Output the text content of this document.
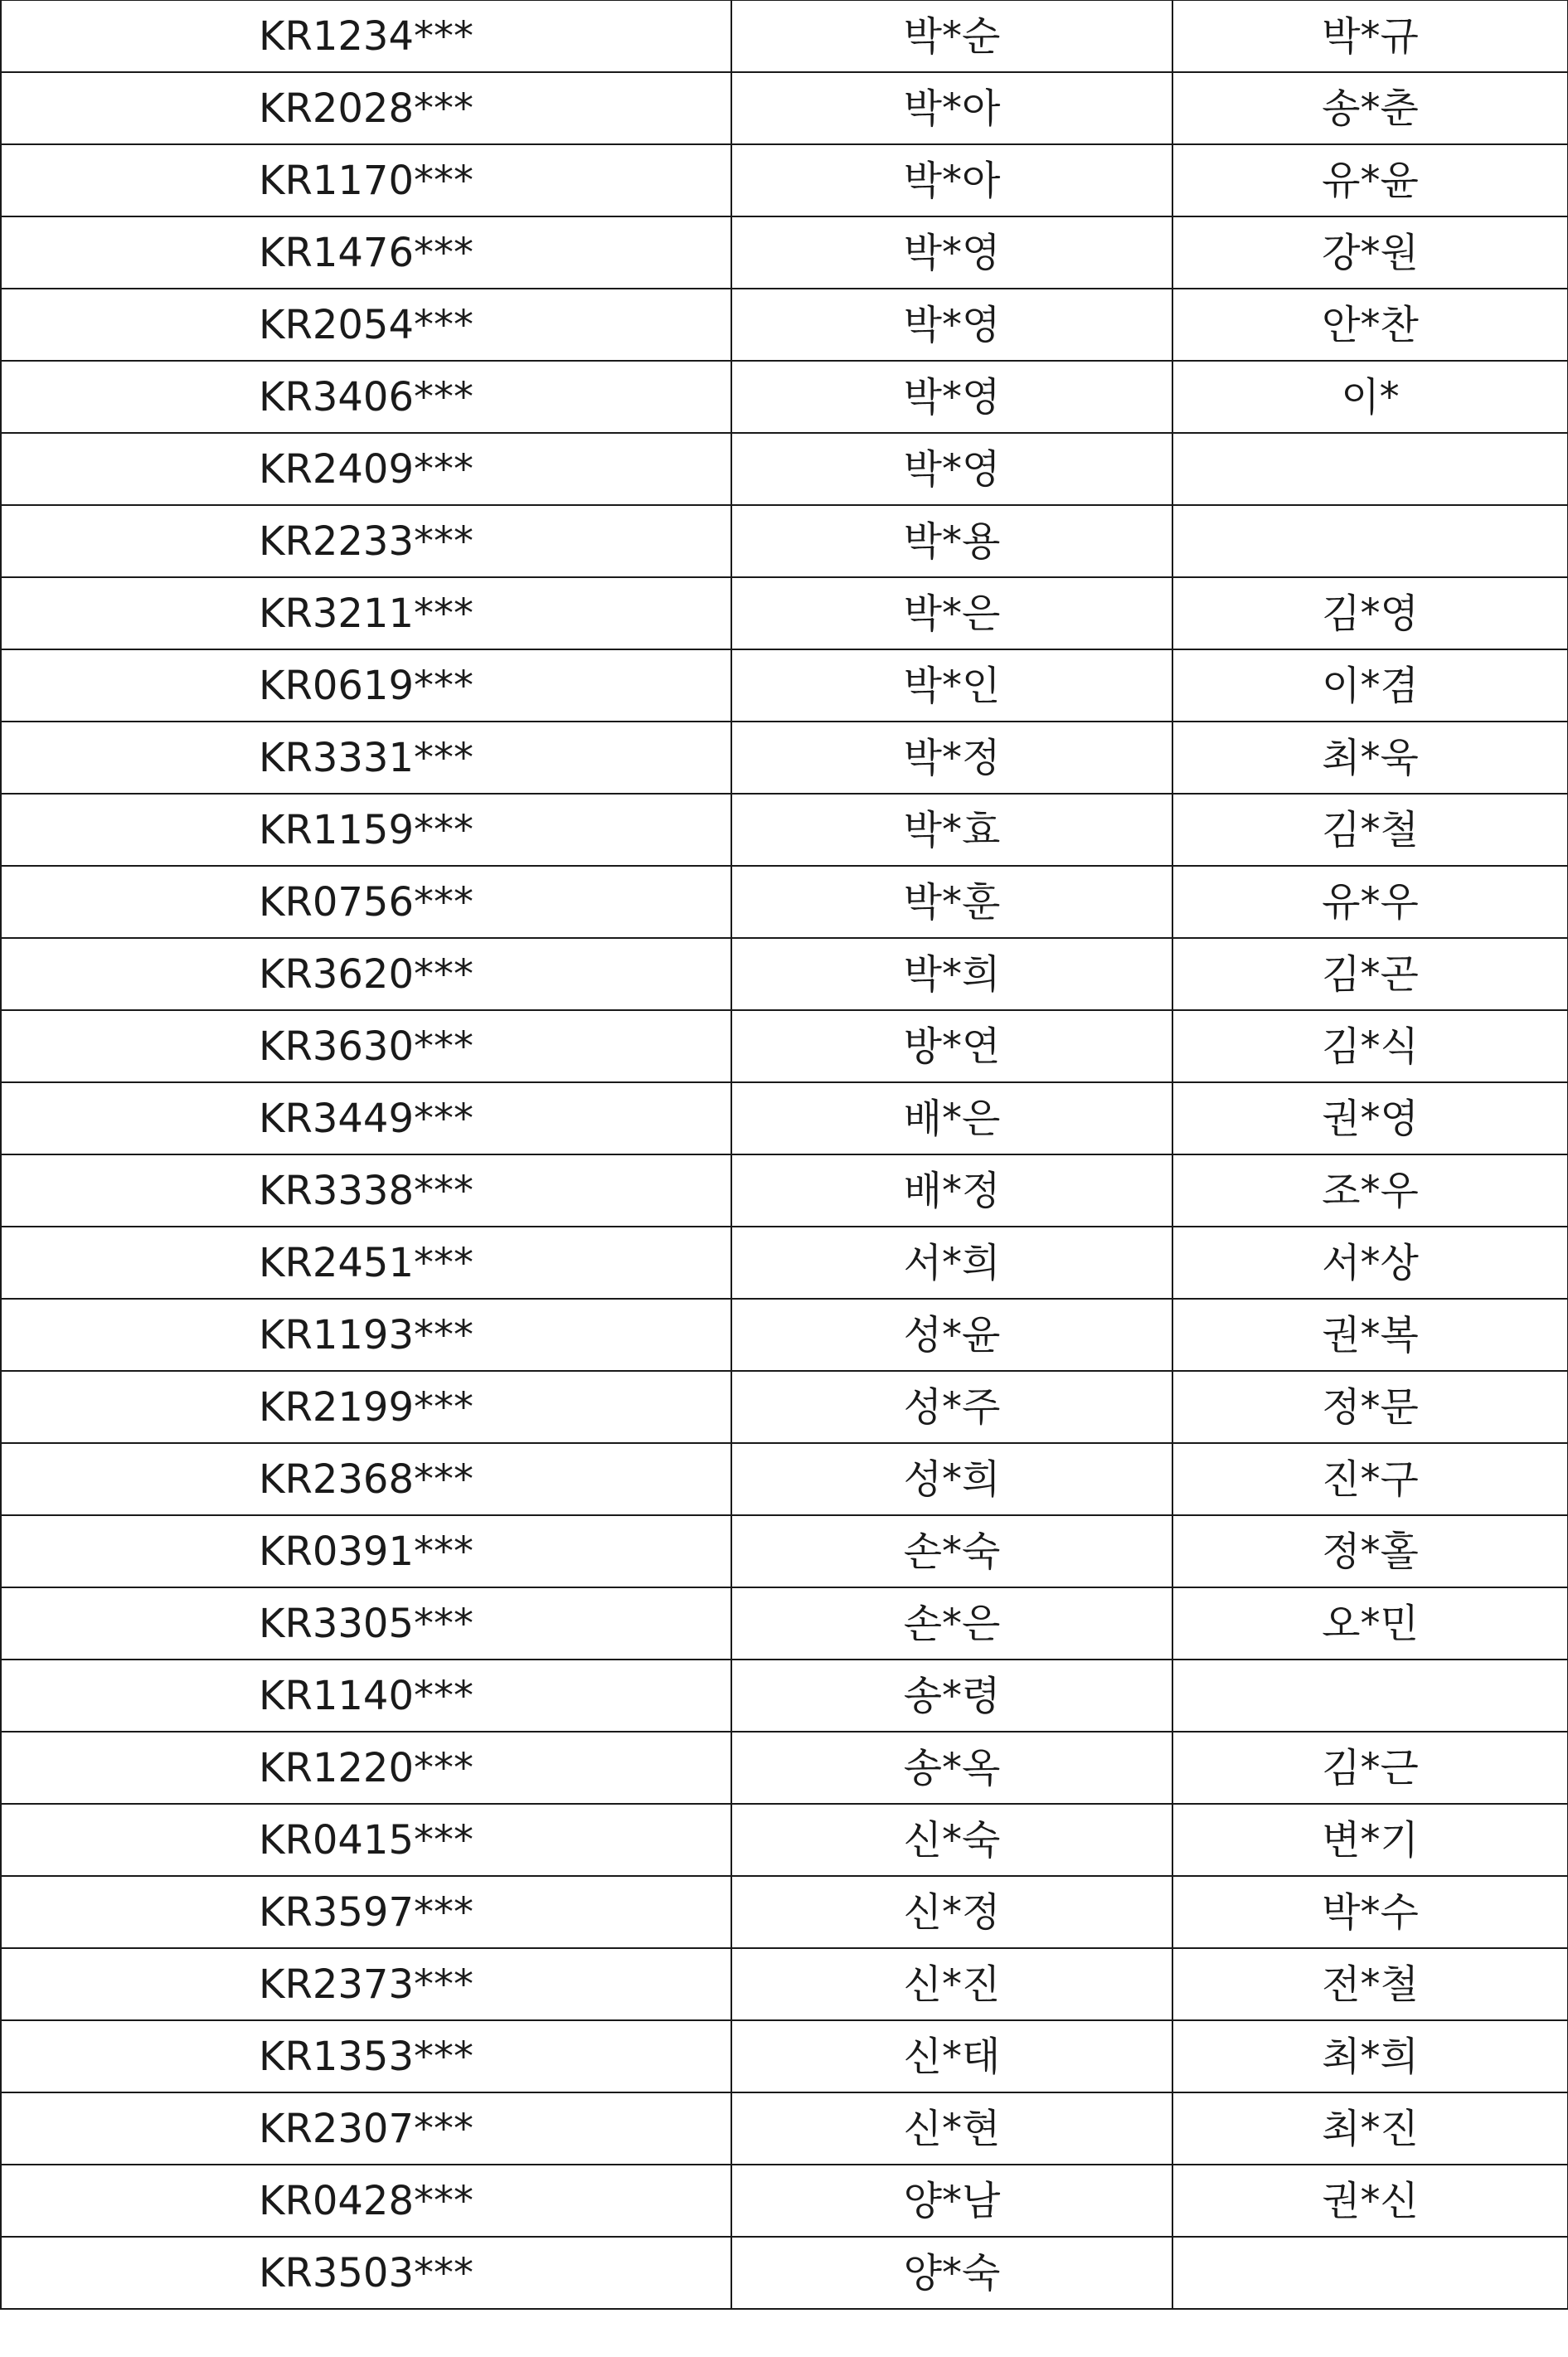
KR1234***	박*순	박*규
KR2028***	박*아	송*춘
KR1170***	박*아	유*윤
KR1476***	박*영	강*원
KR2054***	박*영	안*찬
KR3406***	박*영	이*
KR2409***	박*영	
KR2233***	박*용	
KR3211***	박*은	김*영
KR0619***	박*인	이*겸
KR3331***	박*정	최*욱
KR1159***	박*효	김*철
KR0756***	박*훈	유*우
KR3620***	박*희	김*곤
KR3630***	방*연	김*식
KR3449***	배*은	권*영
KR3338***	배*정	조*우
KR2451***	서*희	서*상
KR1193***	성*윤	권*복
KR2199***	성*주	정*문
KR2368***	성*희	진*구
KR0391***	손*숙	정*홀
KR3305***	손*은	오*민
KR1140***	송*령	
KR1220***	송*옥	김*근
KR0415***	신*숙	변*기
KR3597***	신*정	박*수
KR2373***	신*진	전*철
KR1353***	신*태	최*희
KR2307***	신*현	최*진
KR0428***	양*남	권*신
KR3503***	양*숙	
